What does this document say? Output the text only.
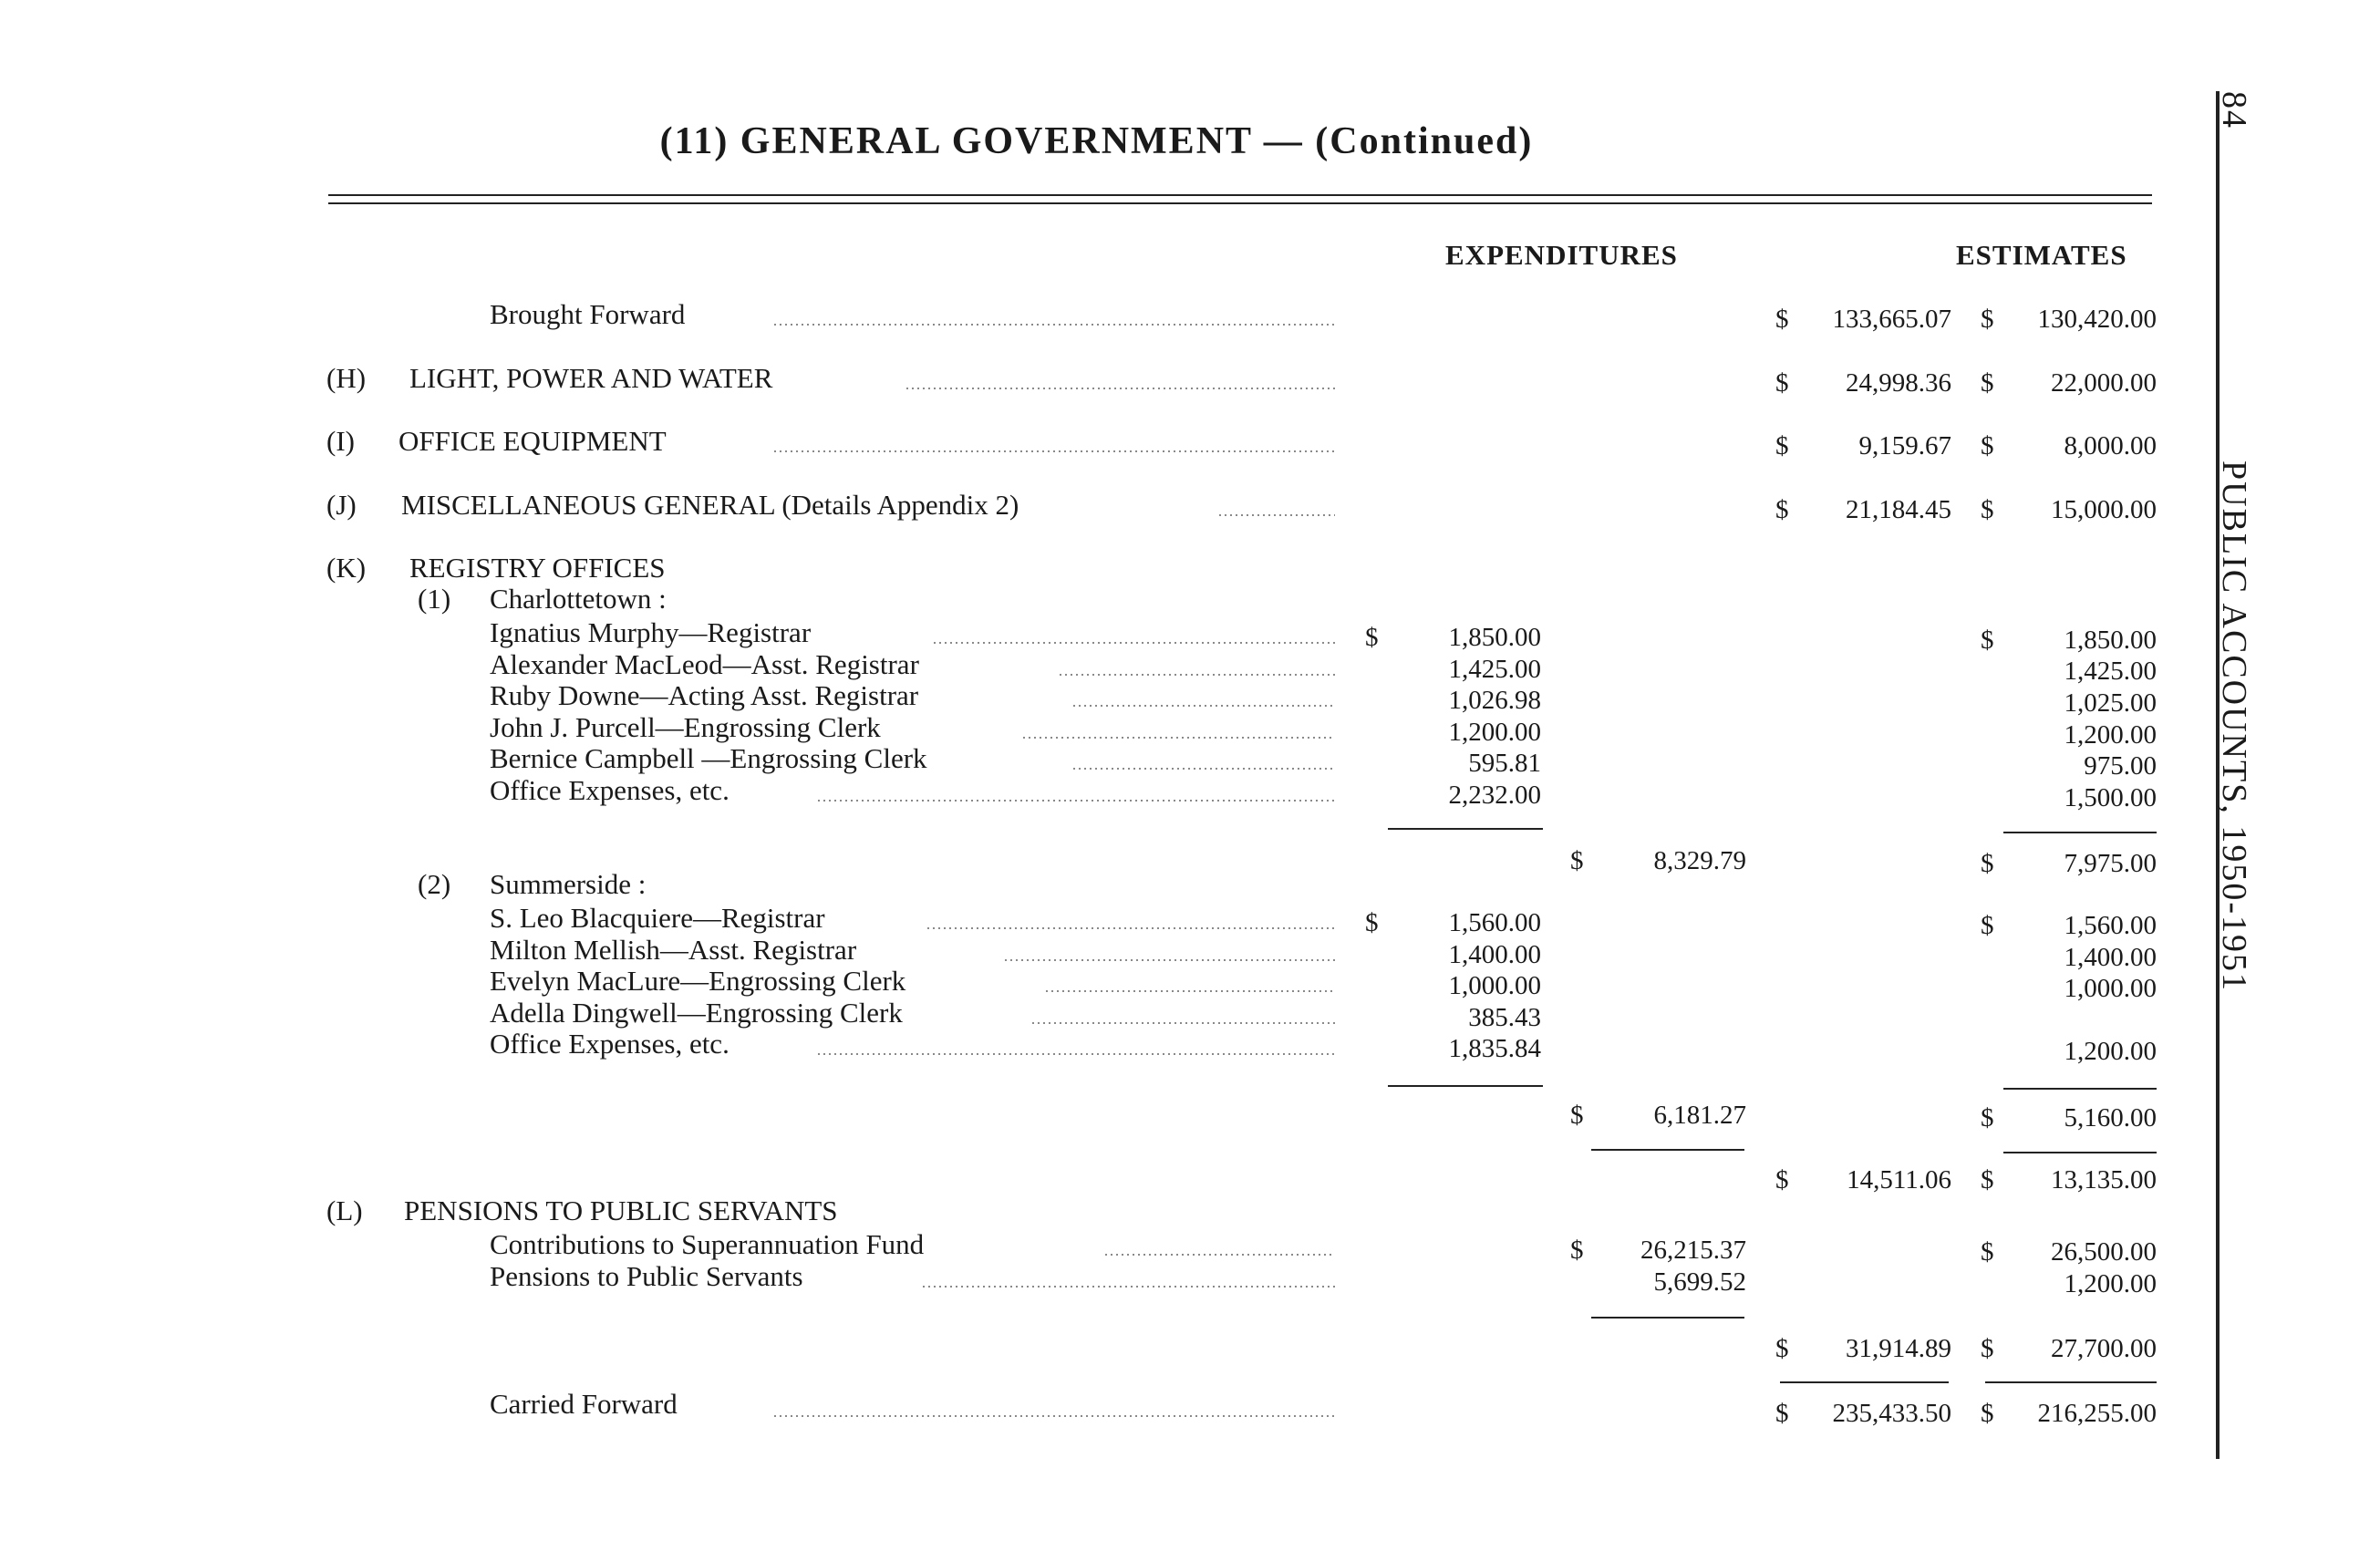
(11) GENERAL GOVERNMENT — (Continued)
EXPENDITURES	ESTIMATES
Brought Forward	$	133,665.07 $	130,420.00
(H) LIGHT, POWER AND WATER	$	24,998.36 $	22,000.00
(I) OFFICE EQUIPMENT	$	9,159.67 $	8,000.00
(J) MISCELLANEOUS GENERAL (Details Appendix 2)	$	21,184.45 $	15,000.00
(K) REGISTRY OFFICES
(1) Charlottetown :
Ignatius Murphy—Registrar	$	1,850.00	$	1,850.00
Alexander MacLeod—Asst. Registrar	1,425.00	1,425.00
Ruby Downe—Acting Asst. Registrar	1,026.98	1,025.00
John J. Purcell—Engrossing Clerk	1,200.00	1,200.00
Bernice Campbell —Engrossing Clerk	595.81	975.00
Office Expenses, etc.	2,232.00	1,500.00
$	8,329.79	$	7,975.00
(2) Summerside :
S. Leo Blacquiere—Registrar	$	1,560.00	$	1,560.00
Milton Mellish—Asst. Registrar	1,400.00	1,400.00
Evelyn MacLure—Engrossing Clerk	1,000.00	1,000.00
Adella Dingwell—Engrossing Clerk	385.43
Office Expenses, etc.	1,835.84	1,200.00
$	6,181.27	$	5,160.00
$	14,511.06 $	13,135.00
(L) PENSIONS TO PUBLIC SERVANTS
Contributions to Superannuation Fund	$	26,215.37	$	26,500.00
Pensions to Public Servants	5,699.52	1,200.00
$	31,914.89 $	27,700.00
Carried Forward	$	235,433.50 $	216,255.00
84
PUBLIC ACCOUNTS, 1950-1951
